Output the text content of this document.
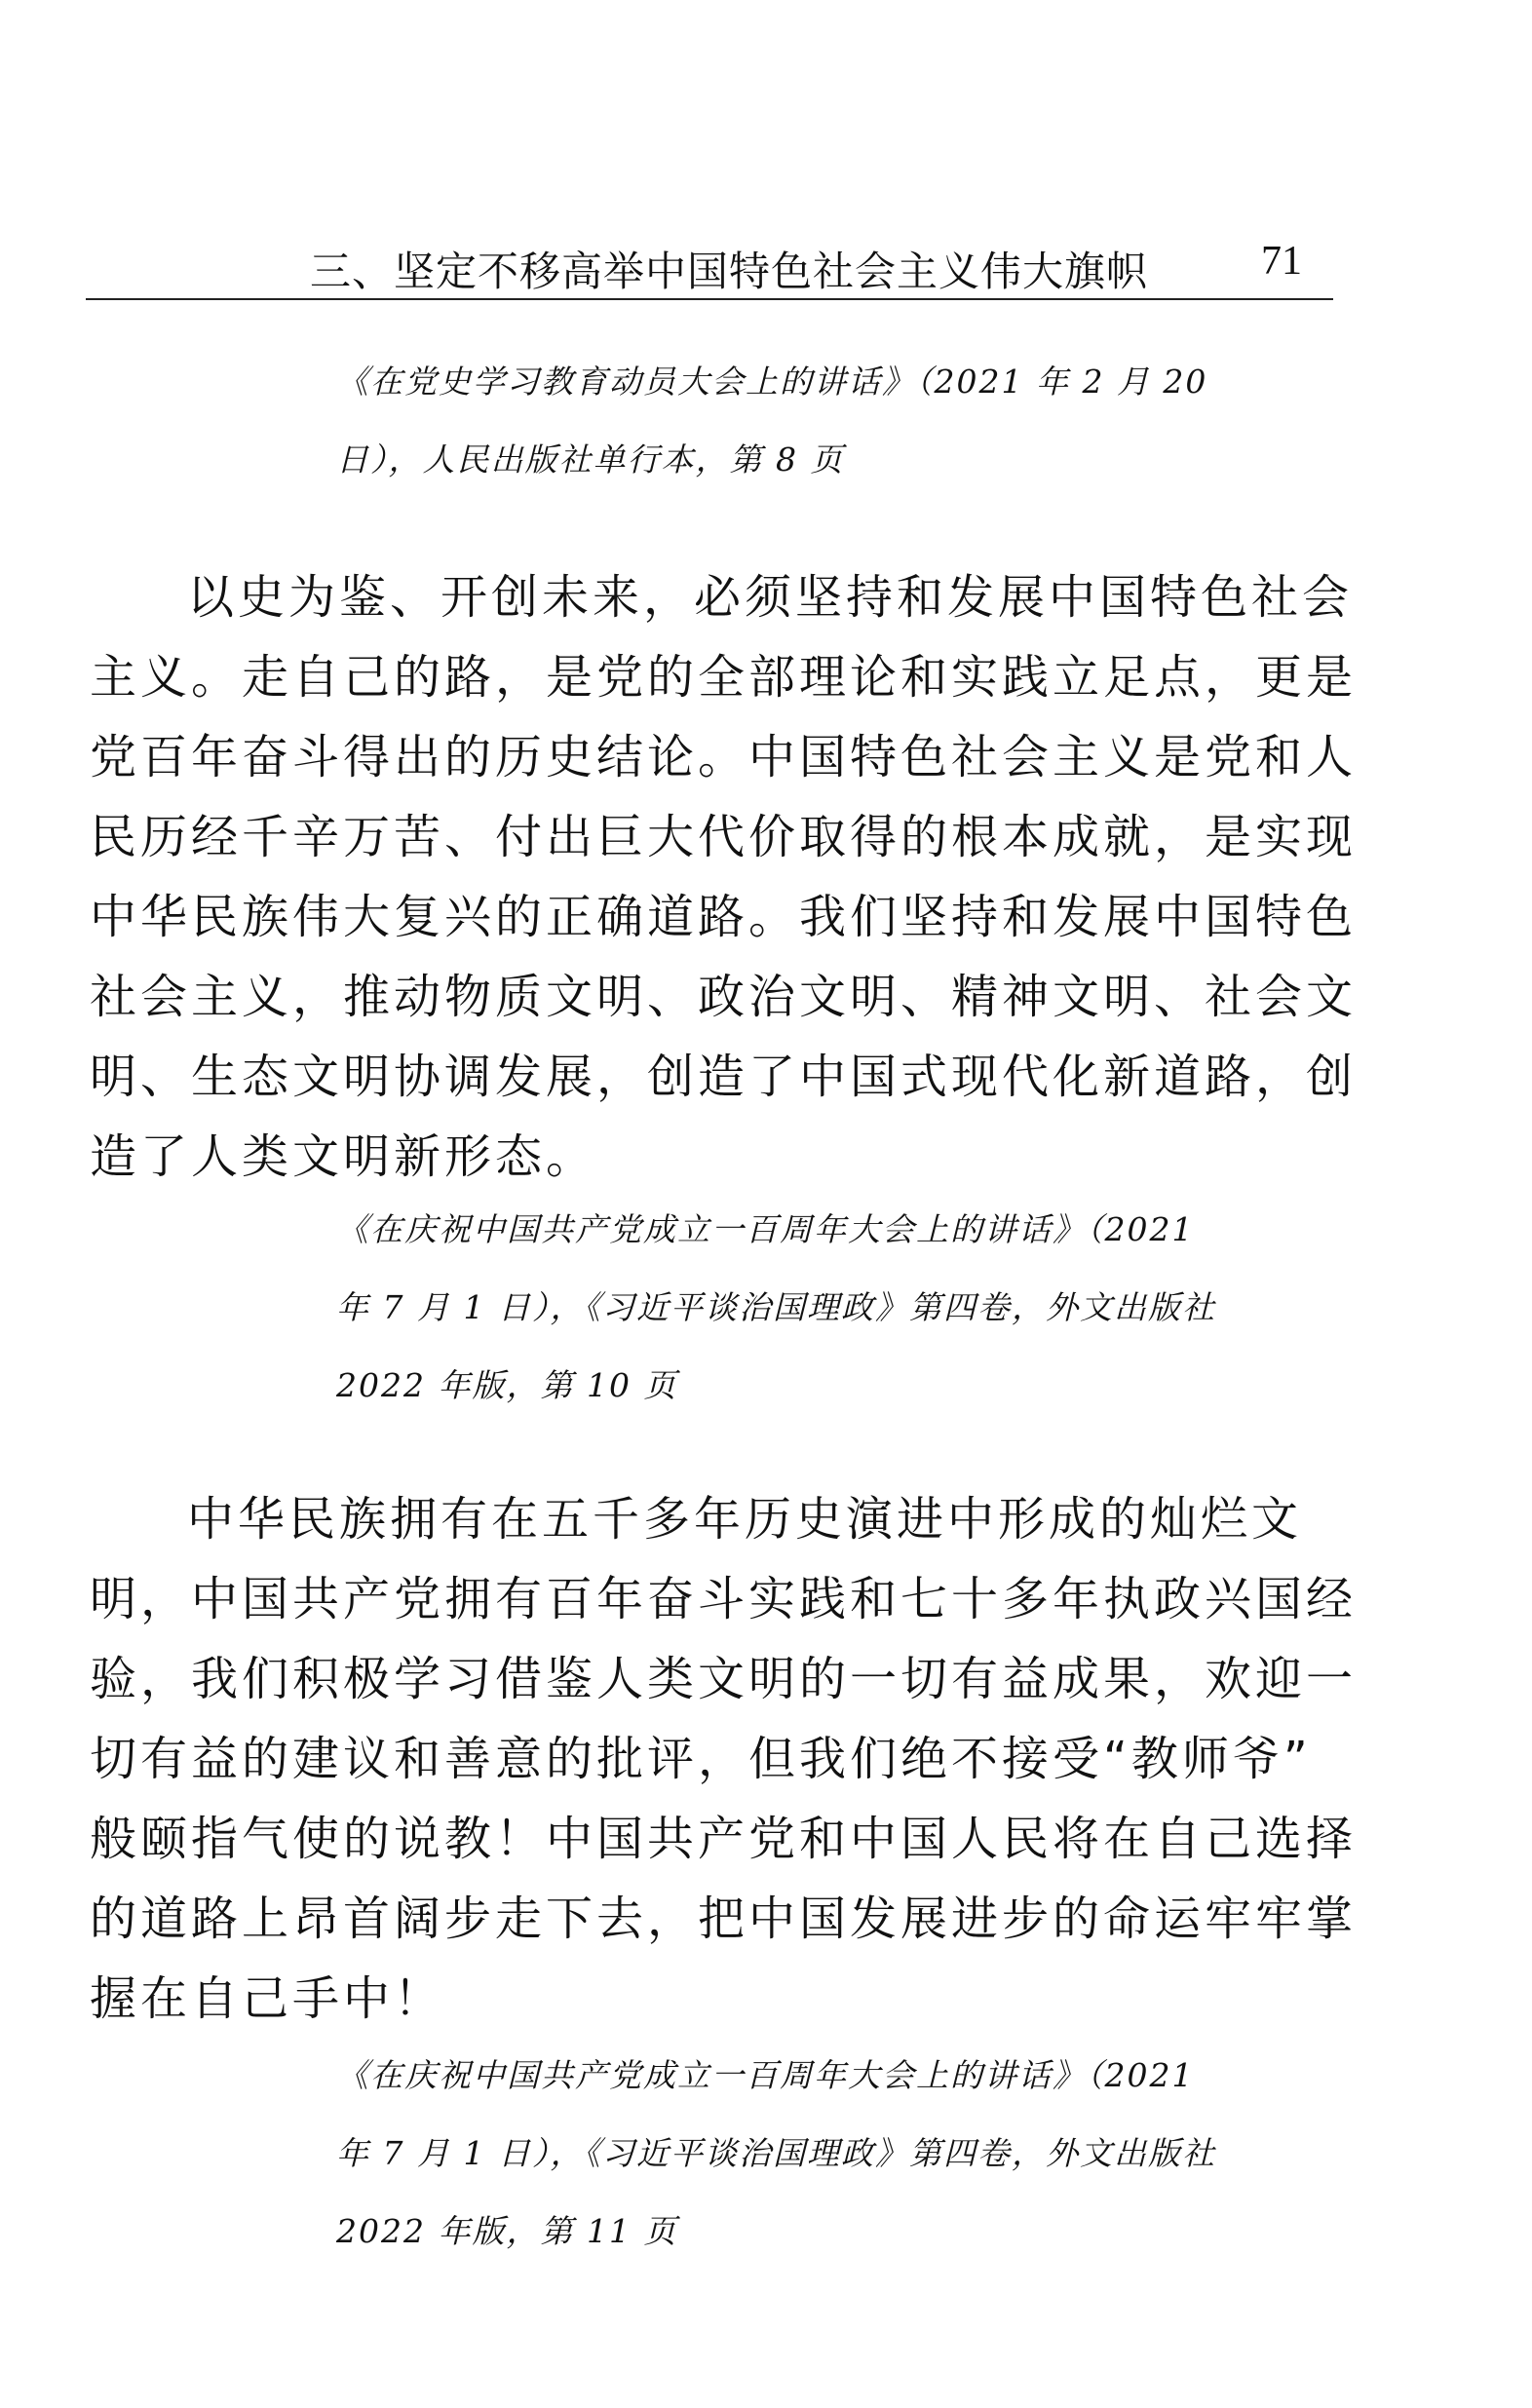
三、坚定不移高举中国特色社会主义伟大旗帜	71
《在党史学习教育动员大会上的讲话》（2021 年 2 月 20
日），人民出版社单行本，第 8 页
以史为鉴、开创未来，必须坚持和发展中国特色社会
主义。走自己的路，是党的全部理论和实践立足点，更是
党百年奋斗得出的历史结论。中国特色社会主义是党和人
民历经千辛万苦、付出巨大代价取得的根本成就，是实现
中华民族伟大复兴的正确道路。我们坚持和发展中国特色
社会主义，推动物质文明、政治文明、精神文明、社会文
明、生态文明协调发展，创造了中国式现代化新道路，创
造了人类文明新形态。
《在庆祝中国共产党成立一百周年大会上的讲话》（2021
年 7 月 1 日），《习近平谈治国理政》第四卷，外文出版社
2022 年版，第 10 页
中华民族拥有在五千多年历史演进中形成的灿烂文
明，中国共产党拥有百年奋斗实践和七十多年执政兴国经
验，我们积极学习借鉴人类文明的一切有益成果，欢迎一
切有益的建议和善意的批评，但我们绝不接受“教师爷”
般颐指气使的说教！中国共产党和中国人民将在自己选择
的道路上昂首阔步走下去，把中国发展进步的命运牢牢掌
握在自己手中！
《在庆祝中国共产党成立一百周年大会上的讲话》（2021
年 7 月 1 日），《习近平谈治国理政》第四卷，外文出版社
2022 年版，第 11 页
